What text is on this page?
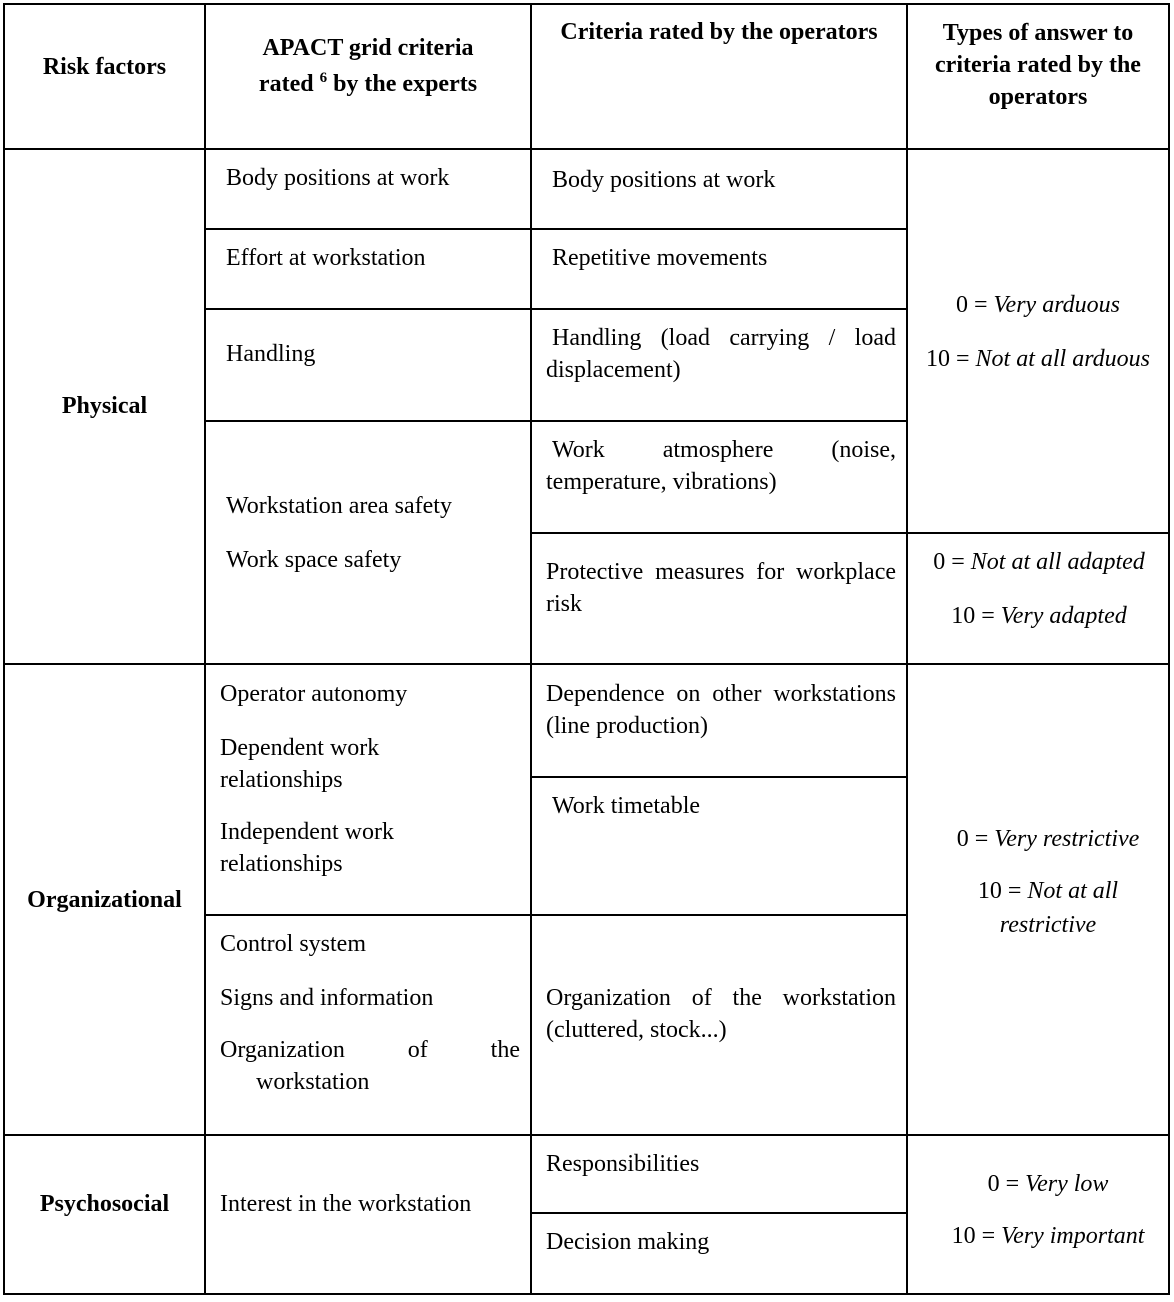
Risk factors
APACT grid criteria
rated $^6$ by the experts
Criteria rated by the operators	Types of answer to criteria rated by the operators
Physical
Body positions at work
Effort at workstation
Handling
Workstation area safety
Work space safety
Body positions at work
Repetitive movements
Handling (load carrying / load displacement)
Work atmosphere (noise, temperature, vibrations)
Protective measures for workplace risk
0 = Very arduous
10 = Not at all arduous
0 = Not at all adapted
10 = Very adapted
Organizational
Operator autonomy
Dependent work relationships
Independent work relationships
Control system
Signs and information
Organization of the workstation
Dependence on other workstations (line production)
Work timetable
Organization of the workstation (cluttered, stock...)
0 = Very restrictive
10 = Not at all
restrictive
Psychosocial Interest in the workstation
Responsibilities
Decision making
0 = Very low
10 = Very important
